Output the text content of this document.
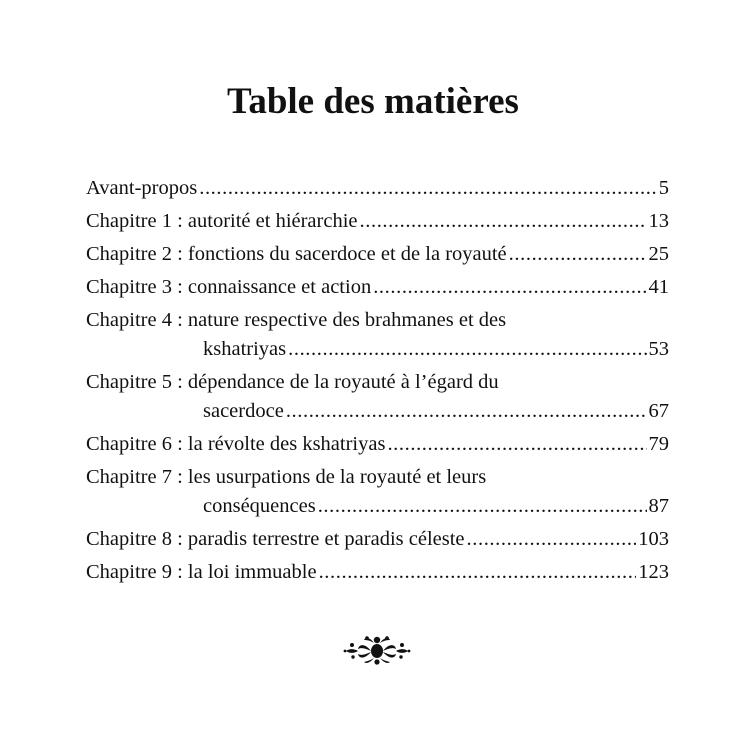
Table des matières
Avant-propos .....	5
Chapitre 1 : autorité et hiérarchie .....	13
Chapitre 2 : fonctions du sacerdoce et de la royauté .....	25
Chapitre 3 : connaissance et action .....	41
Chapitre 4 : nature respective des brahmanes et des
kshatriyas .....	53
Chapitre 5 : dépendance de la royauté à l’égard du
sacerdoce .....	67
Chapitre 6 : la révolte des kshatriyas .....	79
Chapitre 7 : les usurpations de la royauté et leurs
conséquences .....	87
Chapitre 8 : paradis terrestre et paradis céleste .....	103
Chapitre 9 : la loi immuable .....	123
